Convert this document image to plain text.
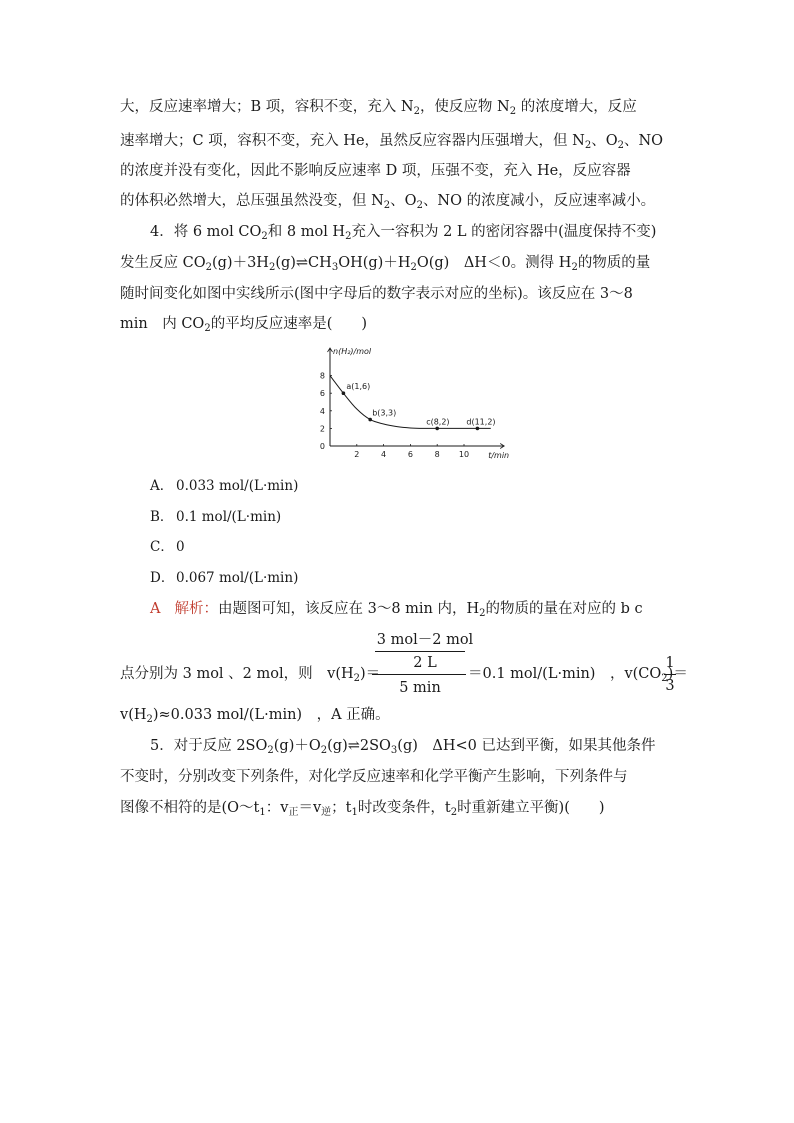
大，反应速率增大；B 项，容积不变，充入 $N_2$，使反应物 $N_2$ 的浓度增大，反应
速率增大；C 项，容积不变，充入 He，虽然反应容器内压强增大，但 $N_2$、$O_2$、NO
的浓度并没有变化，因此不影响反应速率 D 项，压强不变，充入 He，反应容器
的体积必然增大，总压强虽然没变，但 $N_2$、$O_2$、NO 的浓度减小，反应速率减小。
4．将 6 mol $CO_2$和 8 mol $H_2$充入一容积为 2 L 的密闭容器中(温度保持不变)
发生反应 $CO_2(g)+3H_2(g)\rightleftharpoons CH_3OH(g)+H_2O(g)$　ΔH＜0。测得 $H_2$的物质的量
随时间变化如图中实线所示(图中字母后的数字表示对应的坐标)。该反应在 3～8
min　内 $CO_2$的平均反应速率是(　　)
n(H₂)/mol
t/min
2	4	6	8 10
0
2
4
6
8
a(1,6)
b(3,3)
c(8,2) d(11,2)
A． 0.033 mol/(L·min)
B． 0.1 mol/(L·min)
C． 0
D． 0.067 mol/(L·min)
A 解析：由题图可知，该反应在 3～8 min 内，$H_2$的物质的量在对应的 b c
3 mol－2 mol
2 L
5 min
点分别为 3 mol 、2 mol，则　 $v(H_2)=$	＝0.1 mol/(L·min)　，$v(CO_2)=$
1
3
$v(H_2)\approx 0.033$ mol/(L·min)　，A 正确。
5．对于反应 $2SO_2(g)+O_2(g)\rightleftharpoons 2SO_3(g)$　ΔH<0 已达到平衡，如果其他条件
不变时，分别改变下列条件，对化学反应速率和化学平衡产生影响，下列条件与
图像不相符的是($O\sim t_1$：$v_正=v_逆$；$t_1$时改变条件，$t_2$时重新建立平衡)(　　)
